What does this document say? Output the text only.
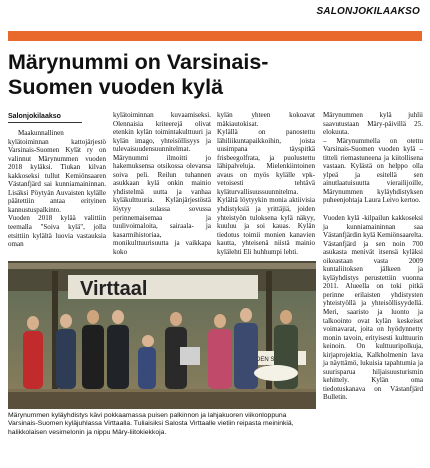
SALONJOKILAAKSO
Märynummi on Varsinais-Suomen vuoden kylä
Salonjokilaakso

Maakunnallinen kylätoiminnan kattojärjestö Varsinais-Suomen Kylät ry on valinnut Märynummen vuoden 2018 kyläksi. Tiukan kilvan kakkoseksi tullut Kemiönsaaren Västanfjärd sai kunniamaininnan. Lisäksi Pöytyän Auvaisten kylälle päätettiin antaa erityinen kannustuspalkinto.
Vuoden 2018 kylää valittiin teemalla "Soiva kylä", jolla etsittiin kylältä luovia vastauksia oman

kylätoiminnan kuvaamiseksi. Olennaisia kriteerejä olivat etenkin kylän toimintakulttuuri ja kylän imago, yhteisöllisyys ja tulevaisuudensuunnitelmat.
Märynummi ilmoitti jo hakemuksensa otsikossa olevansa soiva peli. Reilun tuhannen asukkaan kylä onkin mainio yhdistelmä uutta ja vanhaa kyläkulttuuria. Kylänjärjestöstä löytyy sulassa sovussa perinnemaisemaa ja tuulivoimaloita, sairaala- ja kasarmihistoriaa, monikulttuurisuutta ja vaikkapa koko

kylän yhteen kokoavat mäkiautokisat.
Kylällä on panostettu lähiliikuntapaikkoihin, joista uusimpana täyspitkä frisbeegolfrata, ja puolustettu lähipalveluja. Mielenkiintoinen avaus on myös kylälle vpk-vetoisesti tehtävä kyläturvallisuussuunnitelma. Kylältä löytyykin monia aktiivisia yhdistyksiä ja yrittäjiä, joiden yhteistyön tuloksena kylä näkyy, kuuluu ja soi kauas. Kylän tiedotus toimii monien kanavien kautta, yhteisenä niistä mainio kylälehti Eli huhhumpi lehti.

Märynummen kylä juhlii saavutustaan Märy-päivillä 25. elokuuta.
– Märynummella on otettu Varsinais-Suomen vuoden kylä – titteli riemastuneena ja kiitollisena vastaan. Kylästä on helppo olla ylpeä ja esitellä sen ainutlaatuisuutta vierailijoille, Märynummen kyläyhdistyksen puheenjohtaja Laura Leivo kertoo.

Vuoden kylä -kilpailun kakkoseksi ja kunniamaininnan saa Västanfjärdin kylä Kemiönsaarelta. Västanfjärd ja sen noin 700 asukasta menivät itsensä kyläksi oikeastaan vasta 2009 kuntaliitoksen jälkeen ja kyläyhdistys perustettiin vuonna 2011. Alueella on toki pitkä perinne erilaisten yhdistysten yhteistyöllä ja yhteisöllisyydellä. Meri, saaristo ja luonto ja talkoointo ovat kylän keskeiset voimavarat, joita on hyödynnetty monin tavoin, erityisesti kulttuurin keinoin. On kulttuuripolkuja, kirjaprojektia, Kalkholmenin lava ja näyttämö, lukuisia tapahtumia ja suurisparua hiljaisuusturismin kehittely. Kylän oma tiedotuskanava on Västanfjärd Bulletin.

Virttaal
DEN

Märynummen kyläyhdistys kävi pokkaamassa puisen palkinnon ja lahjakuoren viikonloppuna Varsinais-Suomen kyläjuhlassa Virttaalla. Tuliaisiksi Salosta Virttaalle vietiin reipasta meininkiä, halikkolaisen vesimelonin ja nippu Märy-liitokiekkoja.
